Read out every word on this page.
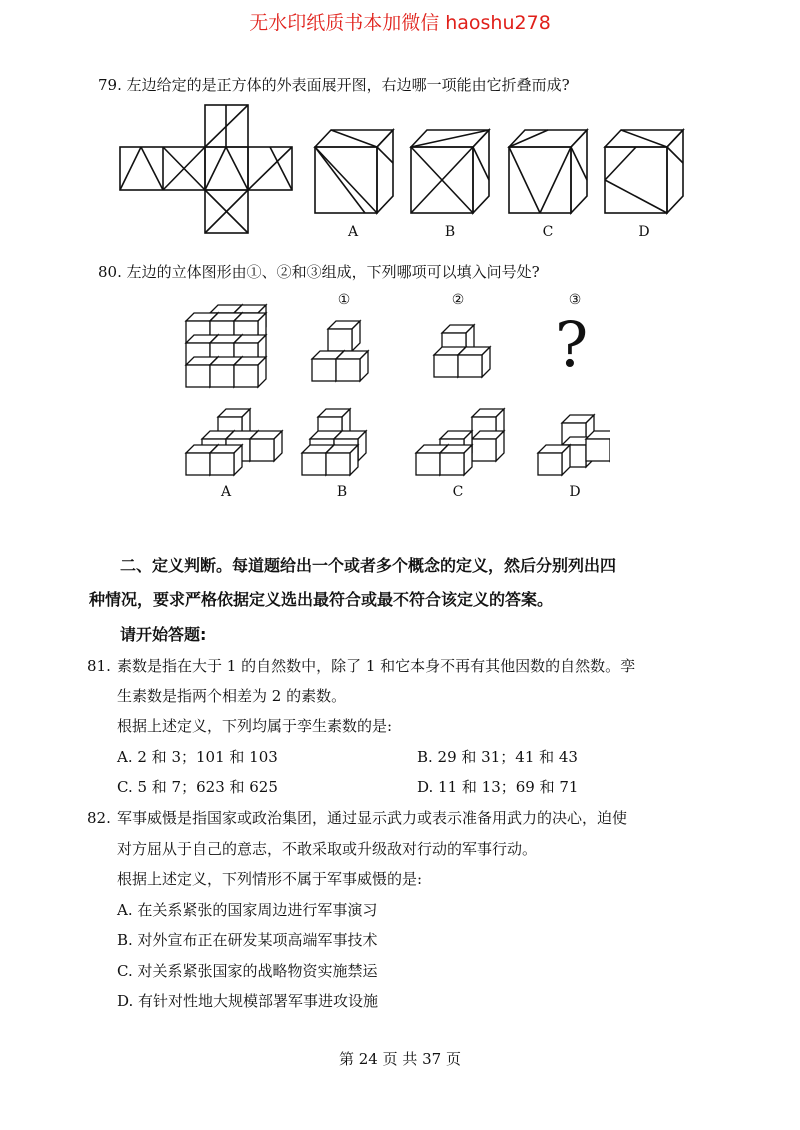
无水印纸质书本加微信 haoshu278
79. 左边给定的是正方体的外表面展开图，右边哪一项能由它折叠而成?
A	B	C	D
80. 左边的立体图形由①、②和③组成，下列哪项可以填入问号处?
①	②	③
?
A	B	C	D
二、定义判断。每道题给出一个或者多个概念的定义，然后分别列出四
种情况，要求严格依据定义选出最符合或最不符合该定义的答案。
请开始答题:
81. 素数是指在大于 1 的自然数中，除了 1 和它本身不再有其他因数的自然数。孪
生素数是指两个相差为 2 的素数。
根据上述定义，下列均属于孪生素数的是:
A. 2 和 3；101 和 103	B. 29 和 31；41 和 43
C. 5 和 7；623 和 625	D. 11 和 13；69 和 71
82. 军事威慑是指国家或政治集团，通过显示武力或表示准备用武力的决心，迫使
对方屈从于自己的意志，不敢采取或升级敌对行动的军事行动。
根据上述定义，下列情形不属于军事威慑的是:
A. 在关系紧张的国家周边进行军事演习
B. 对外宣布正在研发某项高端军事技术
C. 对关系紧张国家的战略物资实施禁运
D. 有针对性地大规模部署军事进攻设施
第 24 页 共 37 页
